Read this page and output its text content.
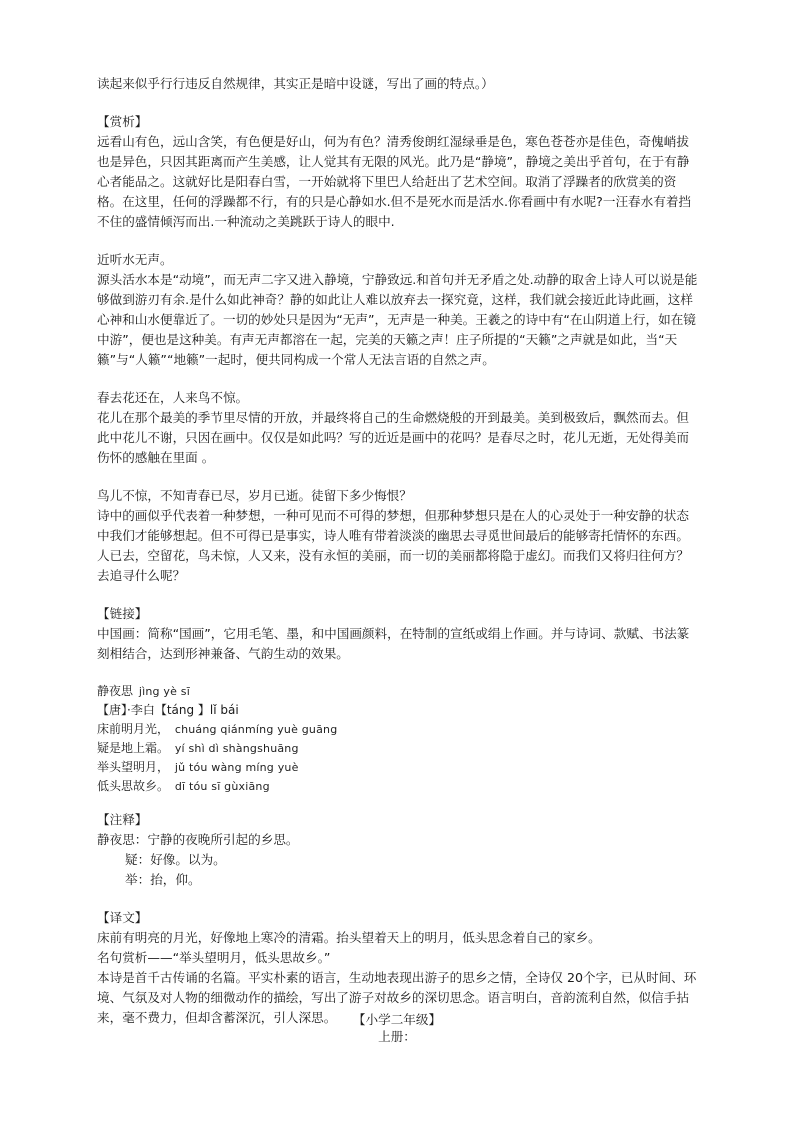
读起来似乎行行违反自然规律，其实正是暗中设谜，写出了画的特点。）

【赏析】

远看山有色，远山含笑，有色便是好山，何为有色？清秀俊朗红湿绿垂是色，寒色苍苍亦是佳色，奇傀峭拔也是异色，只因其距离而产生美感，让人觉其有无限的风光。此乃是“静境”，静境之美出乎首句，在于有静心者能品之。这就好比是阳春白雪，一开始就将下里巴人给赶出了艺术空间。取消了浮躁者的欣赏美的资格。在这里，任何的浮躁都不行，有的只是心静如水.但不是死水而是活水.你看画中有水呢?一汪春水有着挡不住的盛情倾泻而出.一种流动之美跳跃于诗人的眼中.

近听水无声。

源头活水本是“动境”，而无声二字又进入静境，宁静致远.和首句并无矛盾之处.动静的取舍上诗人可以说是能够做到游刃有余.是什么如此神奇？静的如此让人难以放弃去一探究竟，这样，我们就会接近此诗此画，这样心神和山水便靠近了。一切的妙处只是因为“无声”，无声是一种美。王羲之的诗中有“在山阴道上行，如在镜中游”，便也是这种美。有声无声都溶在一起，完美的天籁之声！庄子所提的“天籁”之声就是如此，当“天籁”与“人籁”“地籁”一起时，便共同构成一个常人无法言语的自然之声。

春去花还在，人来鸟不惊。

花儿在那个最美的季节里尽情的开放，并最终将自己的生命燃烧般的开到最美。美到极致后，飘然而去。但此中花儿不谢，只因在画中。仅仅是如此吗？写的近近是画中的花吗？是春尽之时，花儿无逝，无处得美而伤怀的感触在里面 。

鸟儿不惊，不知青春已尽，岁月已逝。徒留下多少悔恨？

诗中的画似乎代表着一种梦想，一种可见而不可得的梦想，但那种梦想只是在人的心灵处于一种安静的状态中我们才能够想起。但不可得已是事实，诗人唯有带着淡淡的幽思去寻觅世间最后的能够寄托情怀的东西。人已去，空留花，鸟未惊，人又来，没有永恒的美丽，而一切的美丽都将隐于虚幻。而我们又将归往何方？去追寻什么呢？

【链接】

中国画：简称“国画”，它用毛笔、墨，和中国画颜料，在特制的宣纸或绢上作画。并与诗词、款赋、书法篆刻相结合，达到形神兼备、气韵生动的效果。

静夜思 jìng yè sī

【唐】·李白【táng 】lǐ bái

床前明月光， chuáng qiánmíng yuè guāng

疑是地上霜。 yí shì dì shàngshuāng

举头望明月， jǔ tóu wàng míng yuè

低头思故乡。 dī tóu sī gùxiāng

【注释】

静夜思：宁静的夜晚所引起的乡思。

疑：好像。以为。

举：抬，仰。

【译文】

床前有明亮的月光，好像地上寒冷的清霜。抬头望着天上的明月，低头思念着自己的家乡。

名句赏析——“举头望明月，低头思故乡。”

本诗是首千古传诵的名篇。平实朴素的语言，生动地表现出游子的思乡之情，全诗仅 20个字，已从时间、环境、气氛及对人物的细微动作的描绘，写出了游子对故乡的深切思念。语言明白，音韵流利自然，似信手拈来，毫不费力，但却含蓄深沉，引人深思。	【小学二年级】

上册：
